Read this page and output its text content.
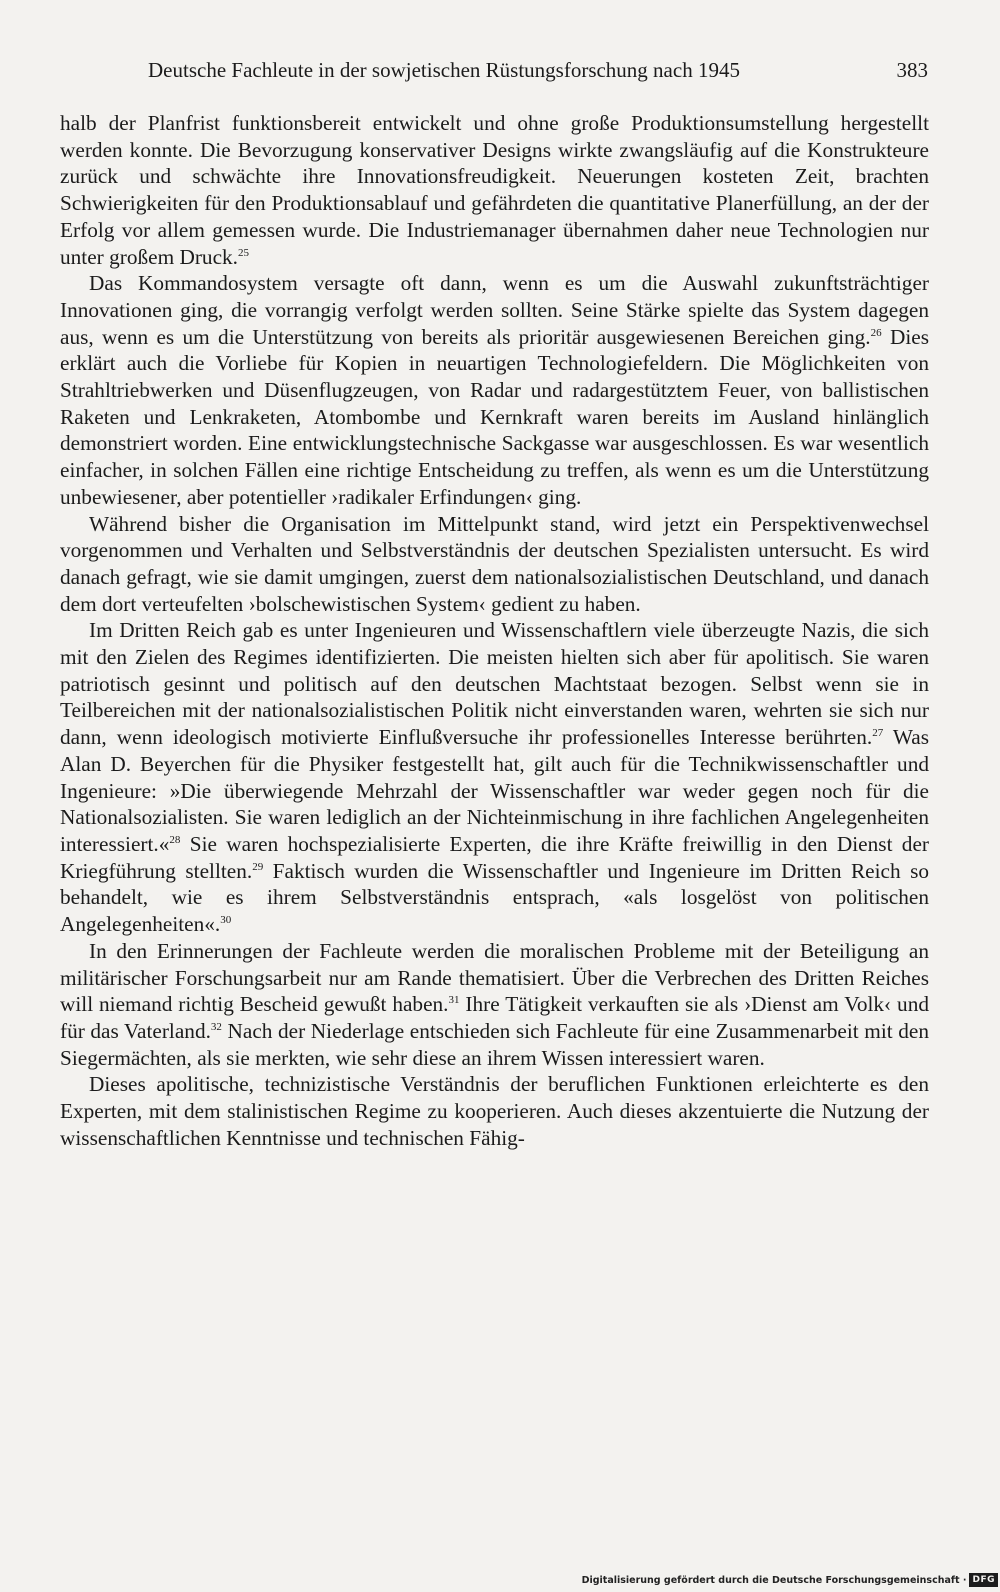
Deutsche Fachleute in der sowjetischen Rüstungsforschung nach 1945	383

halb der Planfrist funktionsbereit entwickelt und ohne große Produktionsumstellung hergestellt werden konnte. Die Bevorzugung konservativer Designs wirkte zwangsläufig auf die Konstrukteure zurück und schwächte ihre Innovationsfreudigkeit. Neuerungen kosteten Zeit, brachten Schwierigkeiten für den Produktionsablauf und gefährdeten die quantitative Planerfüllung, an der der Erfolg vor allem gemessen wurde. Die Industriemanager übernahmen daher neue Technologien nur unter großem Druck.$^{25}$

Das Kommandosystem versagte oft dann, wenn es um die Auswahl zukunftsträchtiger Innovationen ging, die vorrangig verfolgt werden sollten. Seine Stärke spielte das System dagegen aus, wenn es um die Unterstützung von bereits als prioritär ausgewiesenen Bereichen ging.$^{26}$ Dies erklärt auch die Vorliebe für Kopien in neuartigen Technologiefeldern. Die Möglichkeiten von Strahltriebwerken und Düsenflugzeugen, von Radar und radargestütztem Feuer, von ballistischen Raketen und Lenkraketen, Atombombe und Kernkraft waren bereits im Ausland hinlänglich demonstriert worden. Eine entwicklungstechnische Sackgasse war ausgeschlossen. Es war wesentlich einfacher, in solchen Fällen eine richtige Entscheidung zu treffen, als wenn es um die Unterstützung unbewiesener, aber potentieller ›radikaler Erfindungen‹ ging.

Während bisher die Organisation im Mittelpunkt stand, wird jetzt ein Perspektivenwechsel vorgenommen und Verhalten und Selbstverständnis der deutschen Spezialisten untersucht. Es wird danach gefragt, wie sie damit umgingen, zuerst dem nationalsozialistischen Deutschland, und danach dem dort verteufelten ›bolschewistischen System‹ gedient zu haben.

Im Dritten Reich gab es unter Ingenieuren und Wissenschaftlern viele überzeugte Nazis, die sich mit den Zielen des Regimes identifizierten. Die meisten hielten sich aber für apolitisch. Sie waren patriotisch gesinnt und politisch auf den deutschen Machtstaat bezogen. Selbst wenn sie in Teilbereichen mit der nationalsozialistischen Politik nicht einverstanden waren, wehrten sie sich nur dann, wenn ideologisch motivierte Einflußversuche ihr professionelles Interesse berührten.$^{27}$ Was Alan D. Beyerchen für die Physiker festgestellt hat, gilt auch für die Technikwissenschaftler und Ingenieure: »Die überwiegende Mehrzahl der Wissenschaftler war weder gegen noch für die Nationalsozialisten. Sie waren lediglich an der Nichteinmischung in ihre fachlichen Angelegenheiten interessiert.«$^{28}$ Sie waren hochspezialisierte Experten, die ihre Kräfte freiwillig in den Dienst der Kriegführung stellten.$^{29}$ Faktisch wurden die Wissenschaftler und Ingenieure im Dritten Reich so behandelt, wie es ihrem Selbstverständnis entsprach, «als losgelöst von politischen Angelegenheiten«.$^{30}$

In den Erinnerungen der Fachleute werden die moralischen Probleme mit der Beteiligung an militärischer Forschungsarbeit nur am Rande thematisiert. Über die Verbrechen des Dritten Reiches will niemand richtig Bescheid gewußt haben.$^{31}$ Ihre Tätigkeit verkauften sie als ›Dienst am Volk‹ und für das Vaterland.$^{32}$ Nach der Niederlage entschieden sich Fachleute für eine Zusammenarbeit mit den Siegermächten, als sie merkten, wie sehr diese an ihrem Wissen interessiert waren.

Dieses apolitische, technizistische Verständnis der beruflichen Funktionen erleichterte es den Experten, mit dem stalinistischen Regime zu kooperieren. Auch dieses akzentuierte die Nutzung der wissenschaftlichen Kenntnisse und technischen Fähig-

Digitalisierung gefördert durch die Deutsche Forschungsgemeinschaft · DFG
